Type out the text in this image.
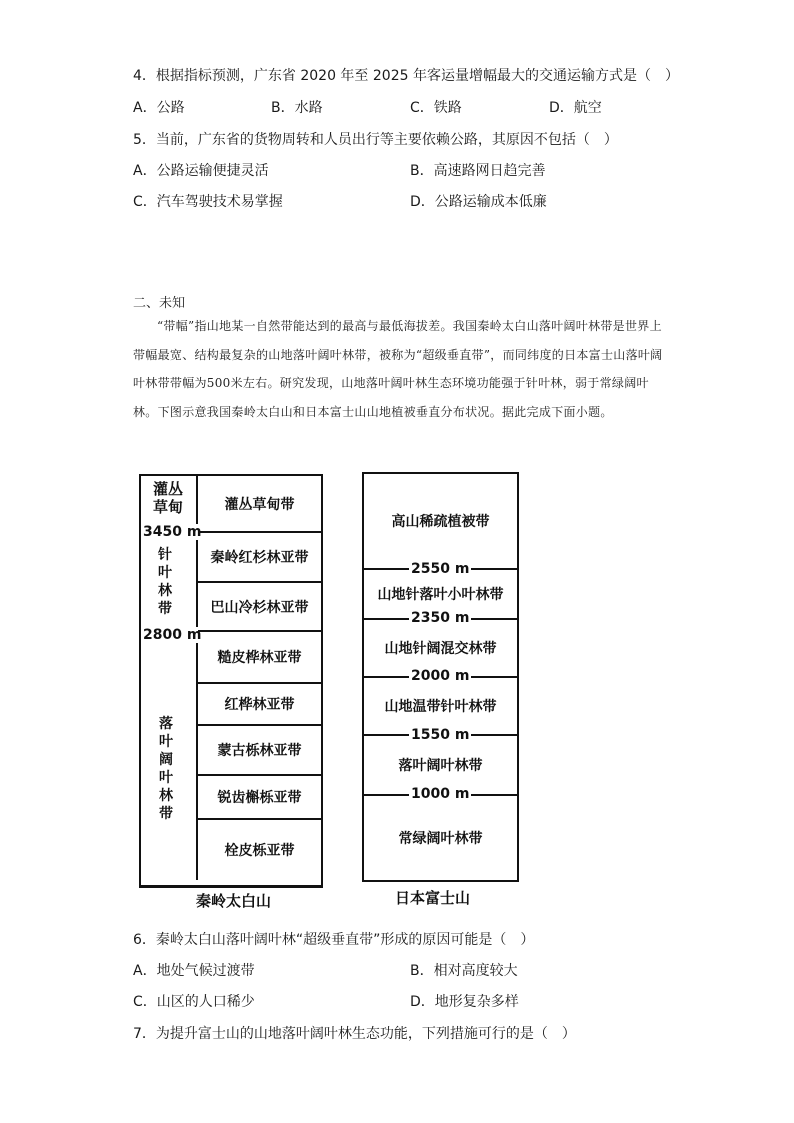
4．根据指标预测，广东省 2020 年至 2025 年客运量增幅最大的交通运输方式是（　）
A．公路	B．水路	C．铁路	D．航空
5．当前，广东省的货物周转和人员出行等主要依赖公路，其原因不包括（　）
A．公路运输便捷灵活	B．高速路网日趋完善
C．汽车驾驶技术易掌握	D．公路运输成本低廉
二、未知

“带幅”指山地某一自然带能达到的最高与最低海拔差。我国秦岭太白山落叶阔叶林带是世界上带幅最宽、结构最复杂的山地落叶阔叶林带，被称为“超级垂直带”，而同纬度的日本富士山落叶阔叶林带带幅为500米左右。研究发现，山地落叶阔叶林生态环境功能强于针叶林，弱于常绿阔叶林。下图示意我国秦岭太白山和日本富士山山地植被垂直分布状况。据此完成下面小题。

灌丛
草甸
3450 m
针
叶
林
带
2800 m
落
叶
阔
叶
林
带
灌丛草甸带
秦岭红杉林亚带
巴山冷杉林亚带
糙皮桦林亚带
红桦林亚带
蒙古栎林亚带
锐齿槲栎亚带
栓皮栎亚带
秦岭太白山
高山稀疏植被带
山地针落叶小叶林带
山地针阔混交林带
山地温带针叶林带
落叶阔叶林带
常绿阔叶林带
2550 m
2350 m
2000 m
1550 m
1000 m
日本富士山
6．秦岭太白山落叶阔叶林“超级垂直带”形成的原因可能是（　）
A．地处气候过渡带	B．相对高度较大
C．山区的人口稀少	D．地形复杂多样
7．为提升富士山的山地落叶阔叶林生态功能，下列措施可行的是（　）
